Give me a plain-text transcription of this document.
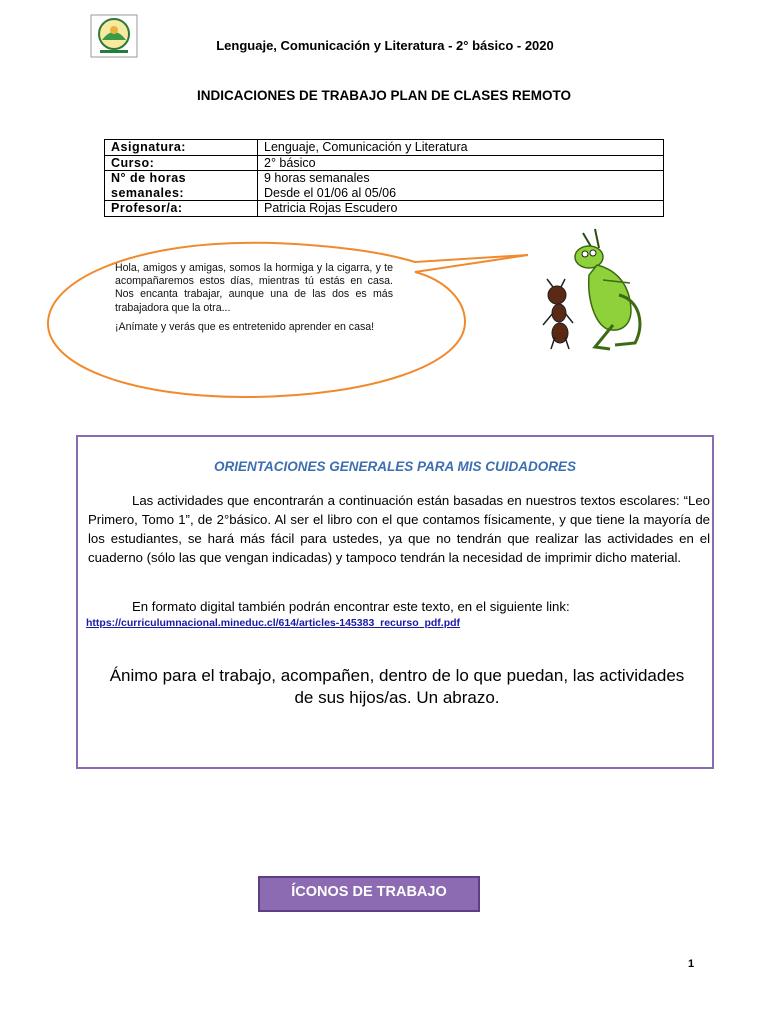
Lenguaje, Comunicación y Literatura - 2° básico - 2020
INDICACIONES DE TRABAJO PLAN DE CLASES REMOTO
Asignatura:	Lenguaje, Comunicación y Literatura
Curso:	2° básico
N° de horas semanales:	9 horas semanales
Desde el 01/06 al 05/06

Profesor/a:	Patricia Rojas Escudero

Hola, amigos y amigas, somos la hormiga y la cigarra, y te acompañaremos estos días, mientras tú estás en casa. Nos encanta trabajar, aunque una de las dos es más trabajadora que la otra...

¡Anímate y verás que es entretenido aprender en casa!

ORIENTACIONES GENERALES PARA MIS CUIDADORES

Las actividades que encontrarán a continuación están basadas en nuestros textos escolares: “Leo Primero, Tomo 1”, de 2°básico. Al ser el libro con el que contamos físicamente, y que tiene la mayoría de los estudiantes, se hará más fácil para ustedes, ya que no tendrán que realizar las actividades en el cuaderno (sólo las que vengan indicadas) y tampoco tendrán la necesidad de imprimir dicho material.

En formato digital también podrán encontrar este texto, en el siguiente link:

https://curriculumnacional.mineduc.cl/614/articles-145383_recurso_pdf.pdf
Ánimo para el trabajo, acompañen, dentro de lo que puedan, las actividades de sus hijos/as. Un abrazo.
ÍCONOS DE TRABAJO
1
